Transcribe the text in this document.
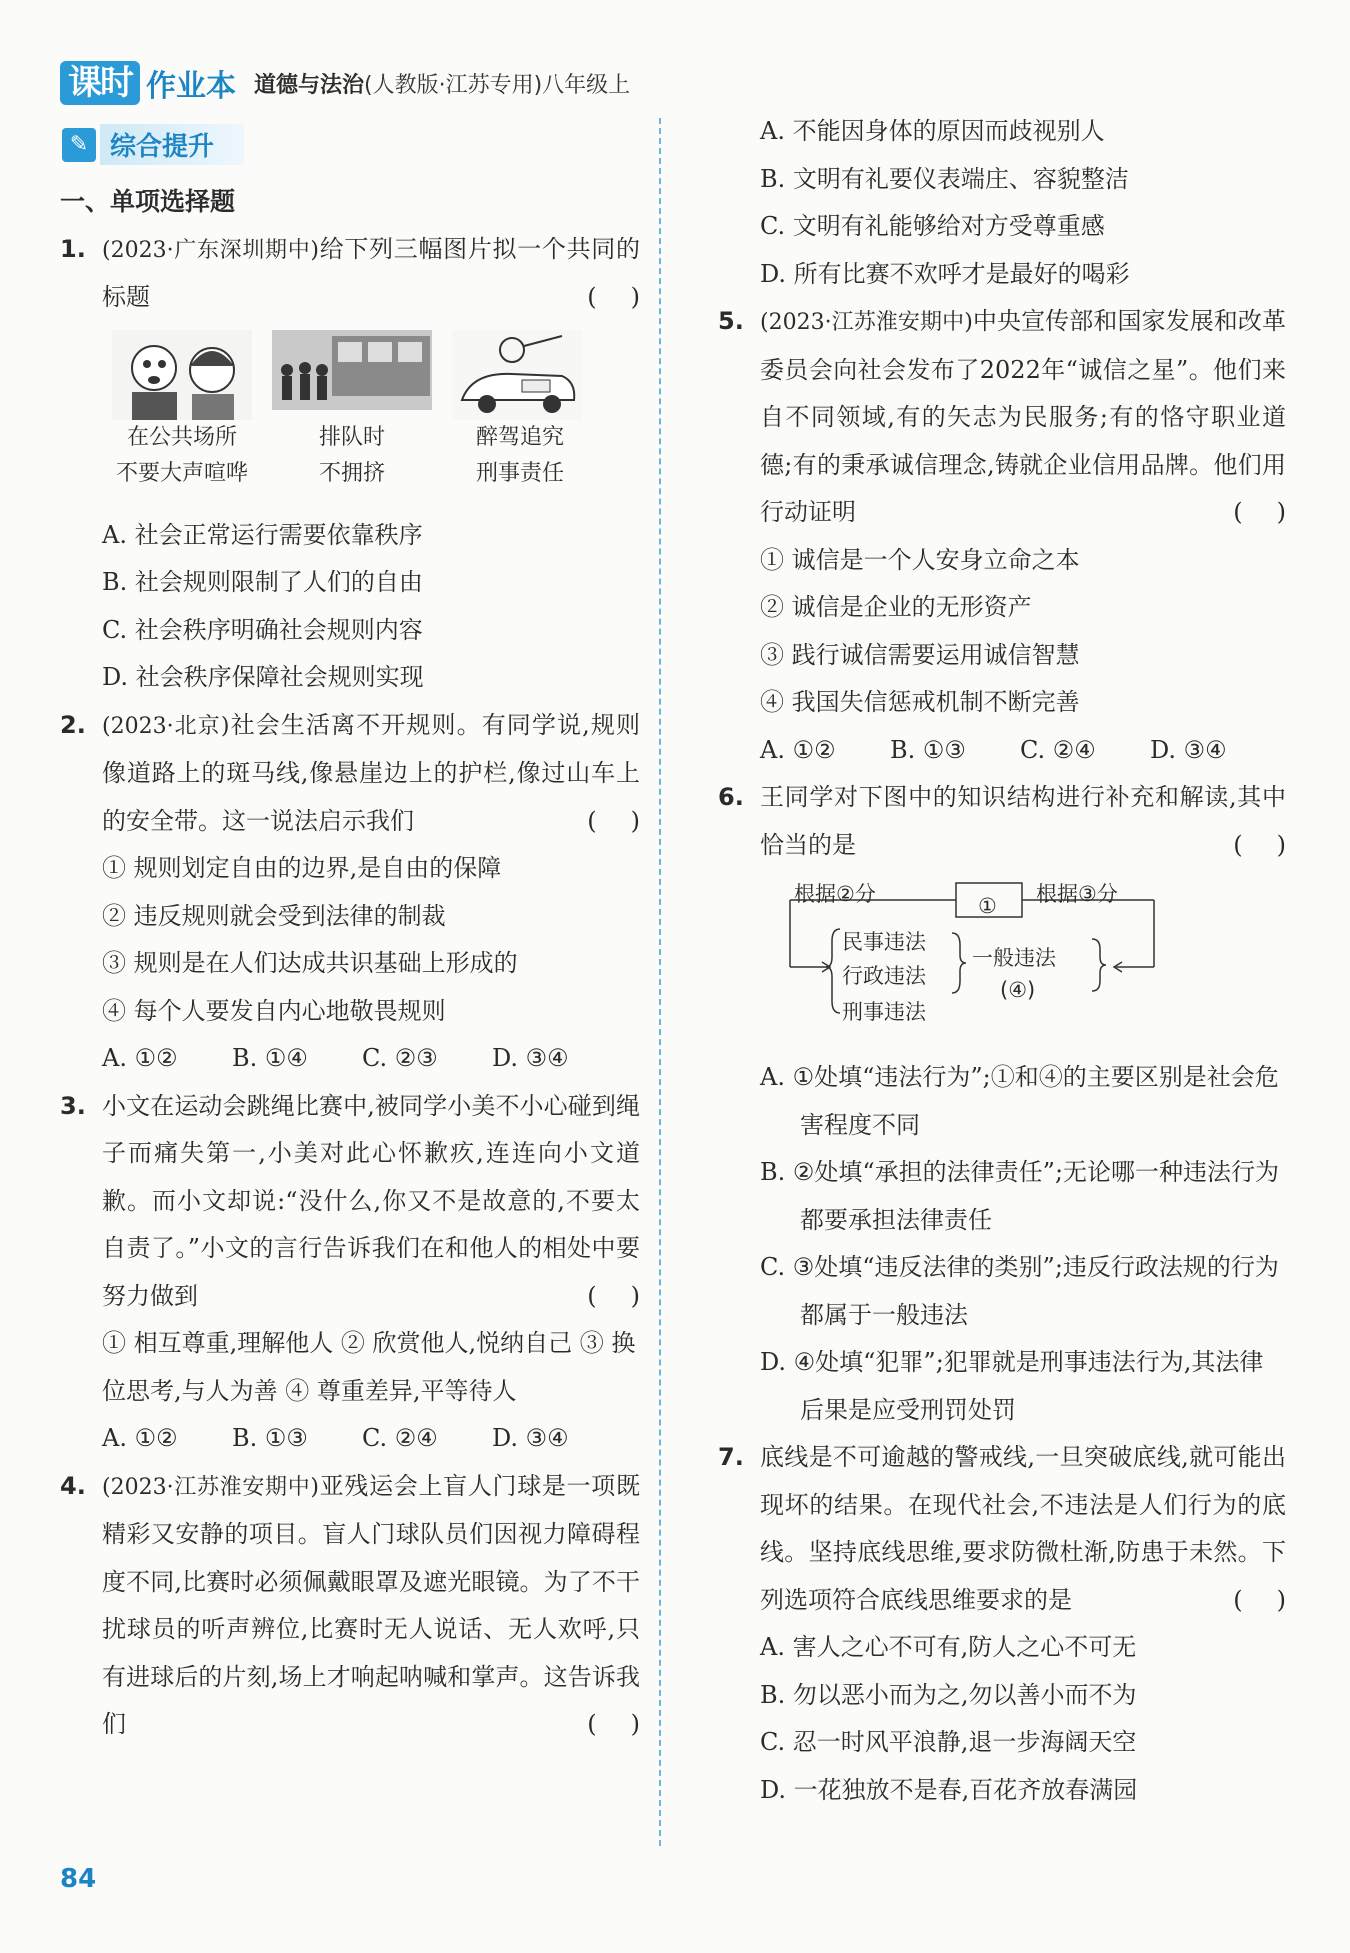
课时 作业本 道德与法治 (人教版·江苏专用)八年级上
✎ 综合提升
一、单项选择题
1. (2023·广东深圳期中)给下列三幅图片拟一个共同的标题	()
在公共场所
不要大声喧哗
排队时
不拥挤
醉驾追究
刑事责任
A. 社会正常运行需要依靠秩序
B. 社会规则限制了人们的自由
C. 社会秩序明确社会规则内容
D. 社会秩序保障社会规则实现
2. (2023·北京)社会生活离不开规则。有同学说,规则像道路上的斑马线,像悬崖边上的护栏,像过山车上的安全带。这一说法启示我们	()
① 规则划定自由的边界,是自由的保障
② 违反规则就会受到法律的制裁
③ 规则是在人们达成共识基础上形成的
④ 每个人要发自内心地敬畏规则
A. ①②	B. ①④	C. ②③	D. ③④
3. 小文在运动会跳绳比赛中,被同学小美不小心碰到绳子而痛失第一,小美对此心怀歉疚,连连向小文道歉。而小文却说:“没什么,你又不是故意的,不要太自责了。”小文的言行告诉我们在和他人的相处中要努力做到	()
① 相互尊重,理解他人 ② 欣赏他人,悦纳自己 ③ 换位思考,与人为善 ④ 尊重差异,平等待人
A. ①②	B. ①③	C. ②④	D. ③④
4. (2023·江苏淮安期中)亚残运会上盲人门球是一项既精彩又安静的项目。盲人门球队员们因视力障碍程度不同,比赛时必须佩戴眼罩及遮光眼镜。为了不干扰球员的听声辨位,比赛时无人说话、无人欢呼,只有进球后的片刻,场上才响起呐喊和掌声。这告诉我们	()
A. 不能因身体的原因而歧视别人
B. 文明有礼要仪表端庄、容貌整洁
C. 文明有礼能够给对方受尊重感
D. 所有比赛不欢呼才是最好的喝彩
5. (2023·江苏淮安期中)中央宣传部和国家发展和改革委员会向社会发布了2022年“诚信之星”。他们来自不同领域,有的矢志为民服务;有的恪守职业道德;有的秉承诚信理念,铸就企业信用品牌。他们用行动证明	()
① 诚信是一个人安身立命之本
② 诚信是企业的无形资产
③ 践行诚信需要运用诚信智慧
④ 我国失信惩戒机制不断完善
A. ①②	B. ①③	C. ②④	D. ③④
6. 王同学对下图中的知识结构进行补充和解读,其中恰当的是	()
根据②分	① 根据③分
民事违法
行政违法
刑事违法
一般违法
(④)
A. ①处填“违法行为”;①和④的主要区别是社会危害程度不同
B. ②处填“承担的法律责任”;无论哪一种违法行为都要承担法律责任
C. ③处填“违反法律的类别”;违反行政法规的行为都属于一般违法
D. ④处填“犯罪”;犯罪就是刑事违法行为,其法律后果是应受刑罚处罚
7. 底线是不可逾越的警戒线,一旦突破底线,就可能出现坏的结果。在现代社会,不违法是人们行为的底线。坚持底线思维,要求防微杜渐,防患于未然。下列选项符合底线思维要求的是	()
A. 害人之心不可有,防人之心不可无
B. 勿以恶小而为之,勿以善小而不为
C. 忍一时风平浪静,退一步海阔天空
D. 一花独放不是春,百花齐放春满园
84
